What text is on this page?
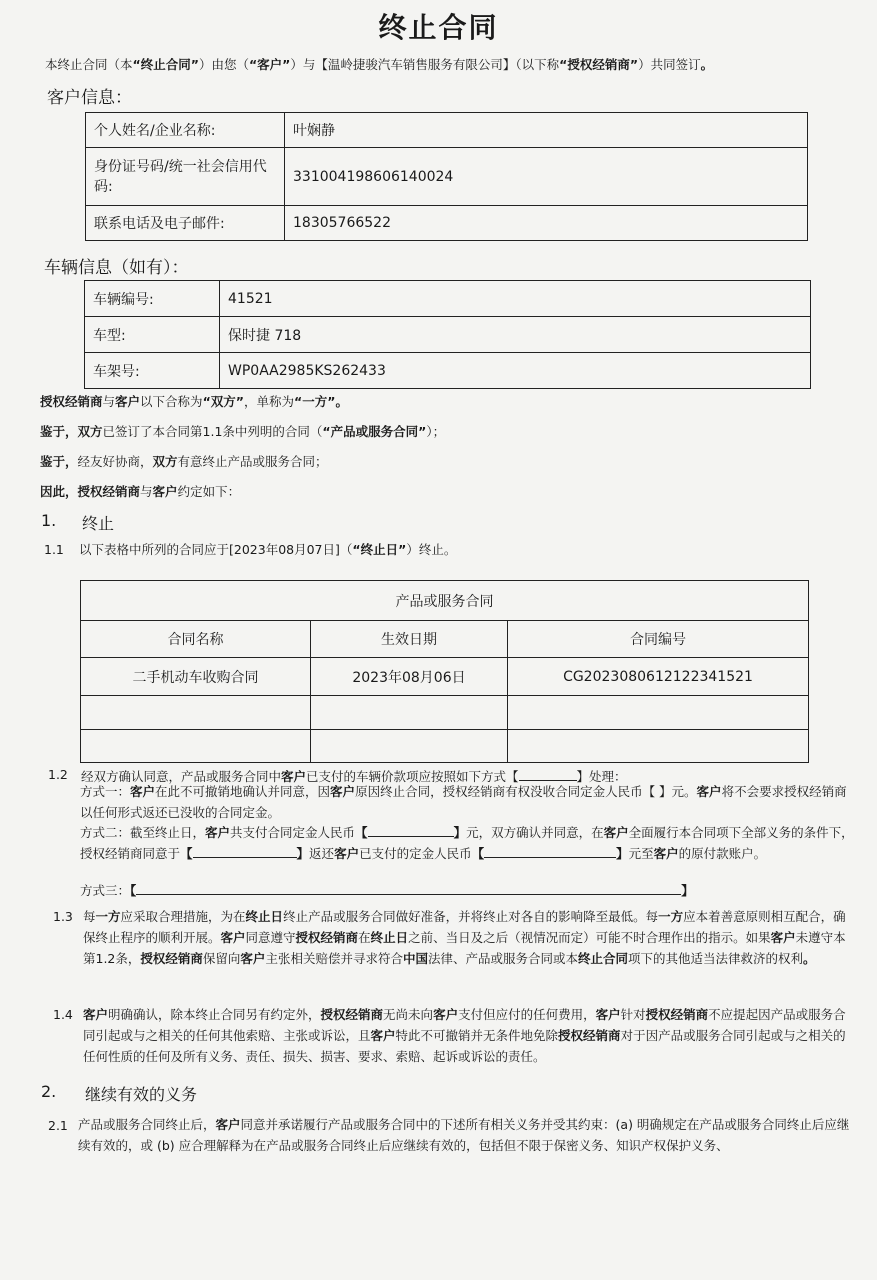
终止合同
本终止合同（本“终止合同”）由您（“客户”）与【温岭捷骏汽车销售服务有限公司】（以下称“授权经销商”）共同签订。
客户信息：
个人姓名/企业名称:	叶娴静
身份证号码/统一社会信用代码:	331004198606140024
联系电话及电子邮件:	18305766522
车辆信息（如有）：
车辆编号:	41521
车型:	保时捷 718
车架号:	WP0AA2985KS262433
授权经销商与客户以下合称为“双方”，单称为“一方”。
鉴于，双方已签订了本合同第1.1条中列明的合同（“产品或服务合同”）；
鉴于，经友好协商，双方有意终止产品或服务合同；
因此，授权经销商与客户约定如下：
1. 终止
1.1 以下表格中所列的合同应于[2023年08月07日]（“终止日”）终止。
产品或服务合同		
合同名称	生效日期	合同编号
二手机动车收购合同	2023年08月06日	CG2023080612122341521

1.2 经双方确认同意，产品或服务合同中客户已支付的车辆价款项应按照如下方式【	】处理：
方式一：客户在此不可撤销地确认并同意，因客户原因终止合同，授权经销商有权没收合同定金人民币【 】元。客户将不会要求授权经销商以任何形式返还已没收的合同定金。
方式二：截至终止日，客户共支付合同定金人民币【	】元，双方确认并同意，在客户全面履行本合同项下全部义务的条件下，授权经销商同意于【	】返还客户已支付的定金人民币【	】元至客户的原付款账户。
方式三：【	】
1.3 每一方应采取合理措施，为在终止日终止产品或服务合同做好准备，并将终止对各自的影响降至最低。每一方应本着善意原则相互配合，确保终止程序的顺利开展。客户同意遵守授权经销商在终止日之前、当日及之后（视情况而定）可能不时合理作出的指示。如果客户未遵守本第1.2条，授权经销商保留向客户主张相关赔偿并寻求符合中国法律、产品或服务合同或本终止合同项下的其他适当法律救济的权利。
1.4 客户明确确认，除本终止合同另有约定外，授权经销商无尚未向客户支付但应付的任何费用，客户针对授权经销商不应提起因产品或服务合同引起或与之相关的任何其他索赔、主张或诉讼，且客户特此不可撤销并无条件地免除授权经销商对于因产品或服务合同引起或与之相关的任何性质的任何及所有义务、责任、损失、损害、要求、索赔、起诉或诉讼的责任。
2. 继续有效的义务
2.1 产品或服务合同终止后，客户同意并承诺履行产品或服务合同中的下述所有相关义务并受其约束：(a) 明确规定在产品或服务合同终止后应继续有效的，或 (b) 应合理解释为在产品或服务合同终止后应继续有效的，包括但不限于保密义务、知识产权保护义务、
